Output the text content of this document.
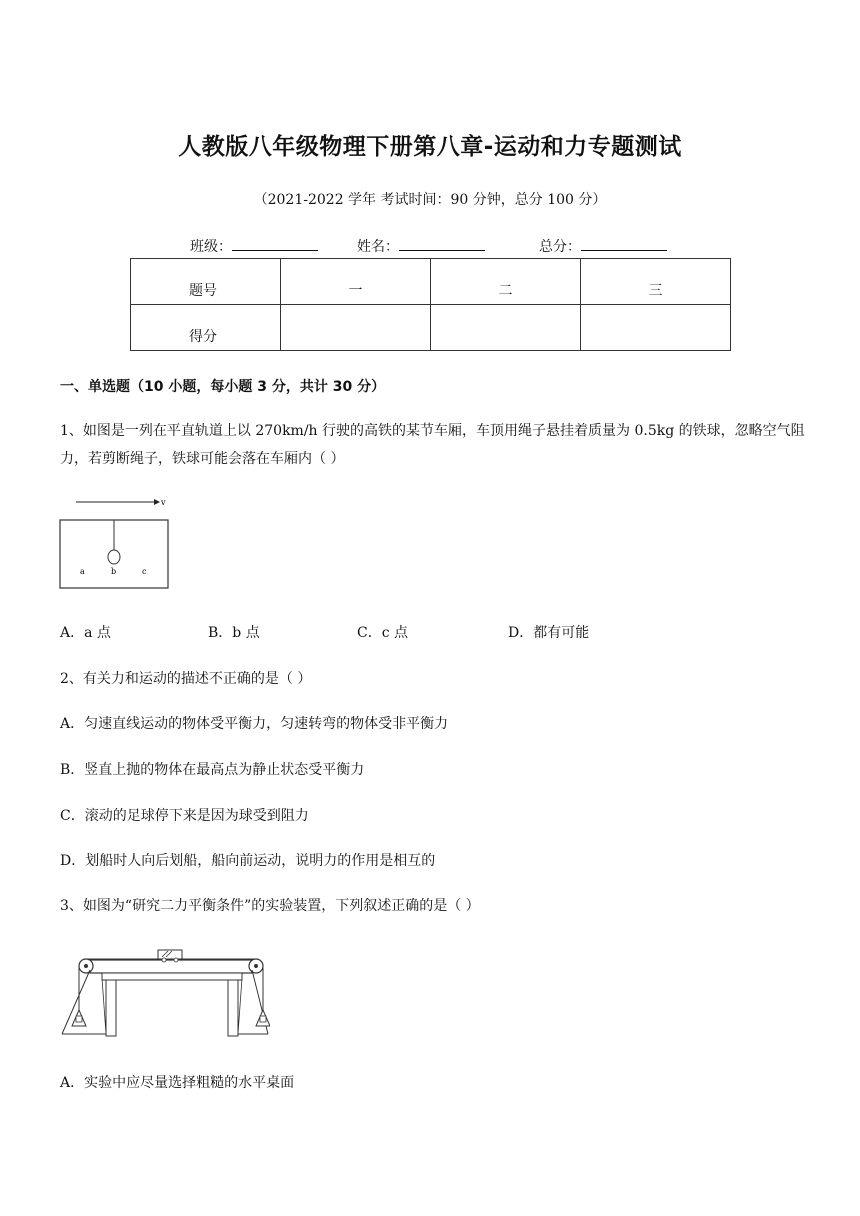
人教版八年级物理下册第八章-运动和力专题测试
（2021-2022 学年 考试时间：90 分钟，总分 100 分）
班级：	姓名：	总分：
题号	一	二	三
得分			
一、单选题（10 小题，每小题 3 分，共计 30 分）
1、如图是一列在平直轨道上以 270km/h 行驶的高铁的某节车厢，车顶用绳子悬挂着质量为 0.5kg 的铁球，忽略空气阻力，若剪断绳子，铁球可能会落在车厢内（ ）
v
a	b	c
A．a 点	B．b 点	C．c 点	D．都有可能
2、有关力和运动的描述不正确的是（ ）
A．匀速直线运动的物体受平衡力，匀速转弯的物体受非平衡力
B．竖直上抛的物体在最高点为静止状态受平衡力
C．滚动的足球停下来是因为球受到阻力
D．划船时人向后划船，船向前运动，说明力的作用是相互的
3、如图为“研究二力平衡条件”的实验装置，下列叙述正确的是（ ）
A．实验中应尽量选择粗糙的水平桌面
